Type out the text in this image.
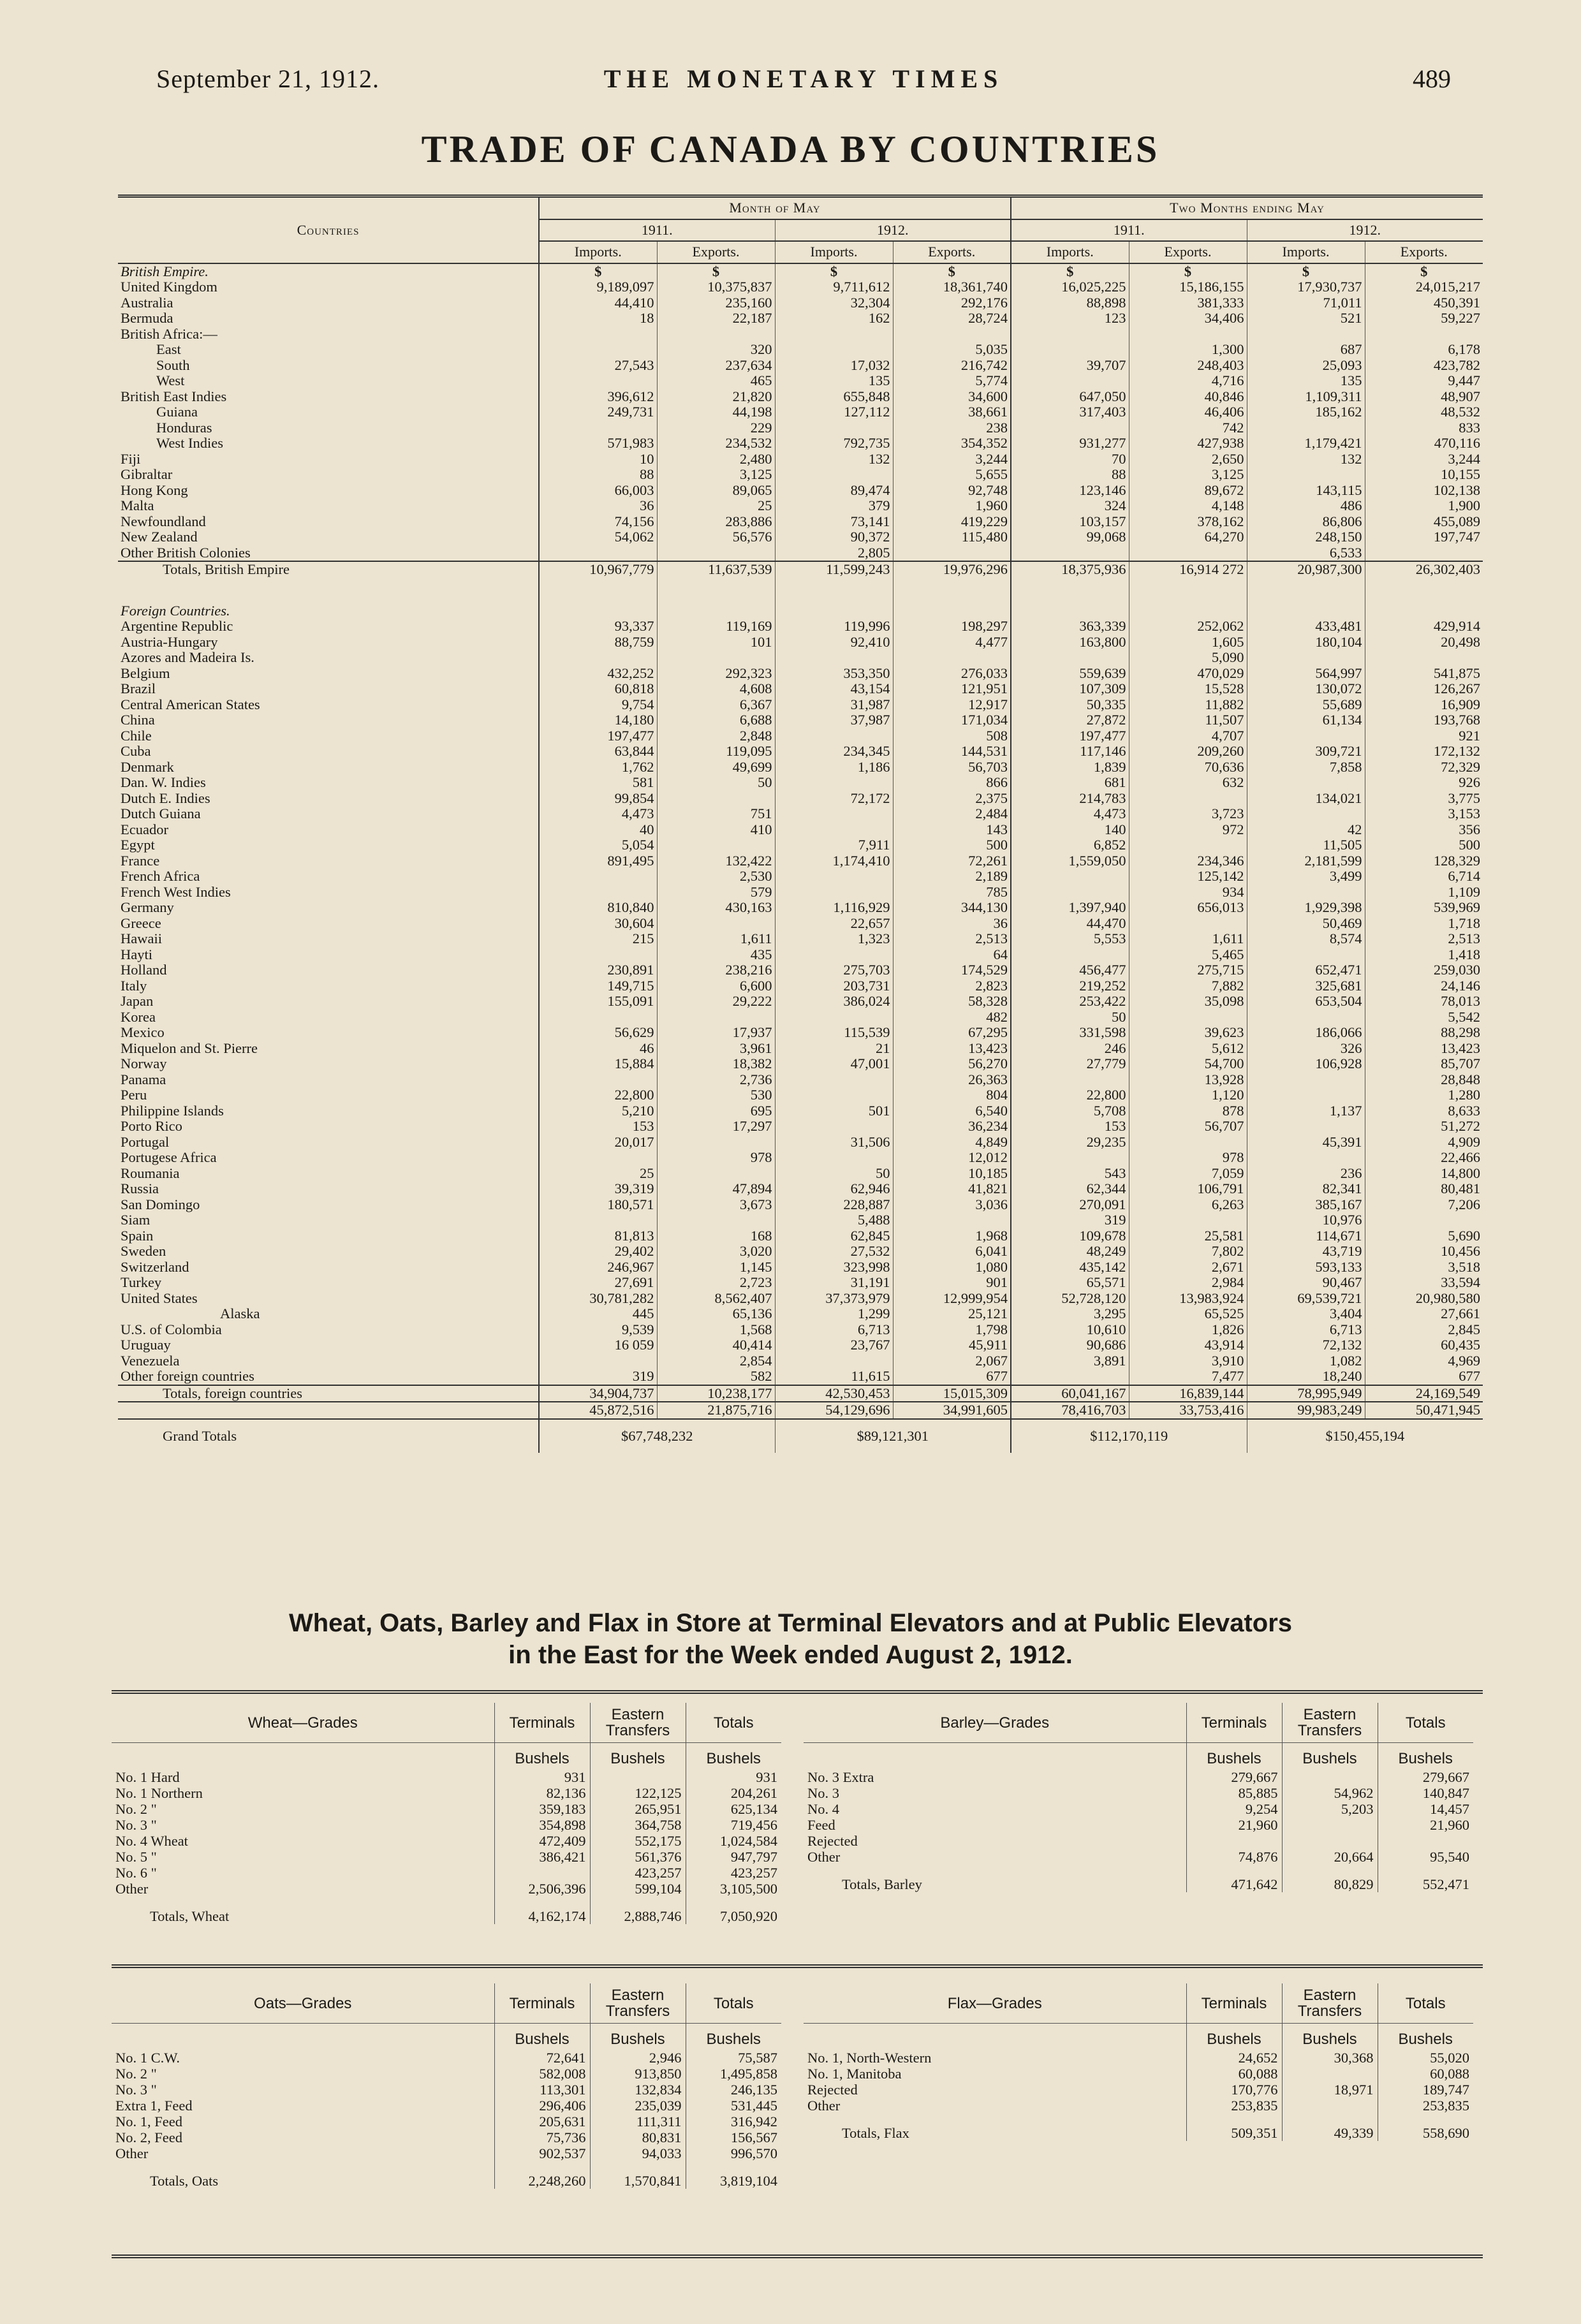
September 21, 1912.	THE MONETARY TIMES	489
TRADE OF CANADA BY COUNTRIES
Countries	Month of May				Two Months ending May			
	1911.		1912.		1911.		1912.	
	Imports.	Exports.	Imports.	Exports.	Imports.	Exports.	Imports.	Exports.
British Empire.	$	$	$	$	$	$	$	$
United Kingdom	9,189,097	10,375,837	9,711,612	18,361,740	16,025,225	15,186,155	17,930,737	24,015,217
Australia	44,410	235,160	32,304	292,176	88,898	381,333	71,011	450,391
Bermuda	18	22,187	162	28,724	123	34,406	521	59,227
British Africa:—								
East		320		5,035		1,300	687	6,178
South	27,543	237,634	17,032	216,742	39,707	248,403	25,093	423,782
West		465	135	5,774		4,716	135	9,447
British East Indies	396,612	21,820	655,848	34,600	647,050	40,846	1,109,311	48,907
Guiana	249,731	44,198	127,112	38,661	317,403	46,406	185,162	48,532
Honduras		229		238		742		833
West Indies	571,983	234,532	792,735	354,352	931,277	427,938	1,179,421	470,116
Fiji	10	2,480	132	3,244	70	2,650	132	3,244
Gibraltar	88	3,125		5,655	88	3,125		10,155
Hong Kong	66,003	89,065	89,474	92,748	123,146	89,672	143,115	102,138
Malta	36	25	379	1,960	324	4,148	486	1,900
Newfoundland	74,156	283,886	73,141	419,229	103,157	378,162	86,806	455,089
New Zealand	54,062	56,576	90,372	115,480	99,068	64,270	248,150	197,747
Other British Colonies			2,805				6,533	
Totals, British Empire	10,967,779	11,637,539	11,599,243	19,976,296	18,375,936	16,914 272	20,987,300	26,302,403
Foreign Countries.								
Argentine Republic	93,337	119,169	119,996	198,297	363,339	252,062	433,481	429,914
Austria-Hungary	88,759	101	92,410	4,477	163,800	1,605	180,104	20,498
Azores and Madeira Is.						5,090		
Belgium	432,252	292,323	353,350	276,033	559,639	470,029	564,997	541,875
Brazil	60,818	4,608	43,154	121,951	107,309	15,528	130,072	126,267
Central American States	9,754	6,367	31,987	12,917	50,335	11,882	55,689	16,909
China	14,180	6,688	37,987	171,034	27,872	11,507	61,134	193,768
Chile	197,477	2,848		508	197,477	4,707		921
Cuba	63,844	119,095	234,345	144,531	117,146	209,260	309,721	172,132
Denmark	1,762	49,699	1,186	56,703	1,839	70,636	7,858	72,329
Dan. W. Indies	581	50		866	681	632		926
Dutch E. Indies	99,854		72,172	2,375	214,783		134,021	3,775
Dutch Guiana	4,473	751		2,484	4,473	3,723		3,153
Ecuador	40	410		143	140	972	42	356
Egypt	5,054		7,911	500	6,852		11,505	500
France	891,495	132,422	1,174,410	72,261	1,559,050	234,346	2,181,599	128,329
French Africa		2,530		2,189		125,142	3,499	6,714
French West Indies		579		785		934		1,109
Germany	810,840	430,163	1,116,929	344,130	1,397,940	656,013	1,929,398	539,969
Greece	30,604		22,657	36	44,470		50,469	1,718
Hawaii	215	1,611	1,323	2,513	5,553	1,611	8,574	2,513
Hayti		435		64		5,465		1,418
Holland	230,891	238,216	275,703	174,529	456,477	275,715	652,471	259,030
Italy	149,715	6,600	203,731	2,823	219,252	7,882	325,681	24,146
Japan	155,091	29,222	386,024	58,328	253,422	35,098	653,504	78,013
Korea				482	50			5,542
Mexico	56,629	17,937	115,539	67,295	331,598	39,623	186,066	88,298
Miquelon and St. Pierre	46	3,961	21	13,423	246	5,612	326	13,423
Norway	15,884	18,382	47,001	56,270	27,779	54,700	106,928	85,707
Panama		2,736		26,363		13,928		28,848
Peru	22,800	530		804	22,800	1,120		1,280
Philippine Islands	5,210	695	501	6,540	5,708	878	1,137	8,633
Porto Rico	153	17,297		36,234	153	56,707		51,272
Portugal	20,017		31,506	4,849	29,235		45,391	4,909
Portugese Africa		978		12,012		978		22,466
Roumania	25		50	10,185	543	7,059	236	14,800
Russia	39,319	47,894	62,946	41,821	62,344	106,791	82,341	80,481
San Domingo	180,571	3,673	228,887	3,036	270,091	6,263	385,167	7,206
Siam			5,488		319		10,976	
Spain	81,813	168	62,845	1,968	109,678	25,581	114,671	5,690
Sweden	29,402	3,020	27,532	6,041	48,249	7,802	43,719	10,456
Switzerland	246,967	1,145	323,998	1,080	435,142	2,671	593,133	3,518
Turkey	27,691	2,723	31,191	901	65,571	2,984	90,467	33,594
United States	30,781,282	8,562,407	37,373,979	12,999,954	52,728,120	13,983,924	69,539,721	20,980,580
Alaska	445	65,136	1,299	25,121	3,295	65,525	3,404	27,661
U.S. of Colombia	9,539	1,568	6,713	1,798	10,610	1,826	6,713	2,845
Uruguay	16 059	40,414	23,767	45,911	90,686	43,914	72,132	60,435
Venezuela		2,854		2,067	3,891	3,910	1,082	4,969
Other foreign countries	319	582	11,615	677		7,477	18,240	677
Totals, foreign countries	34,904,737	10,238,177	42,530,453	15,015,309	60,041,167	16,839,144	78,995,949	24,169,549
	45,872,516	21,875,716	54,129,696	34,991,605	78,416,703	33,753,416	99,983,249	50,471,945
Grand Totals	$67,748,232		$89,121,301		$112,170,119		$150,455,194	
Wheat, Oats, Barley and Flax in Store at Terminal Elevators and at Public Elevators
in the East for the Week ended August 2, 1912.
Wheat—Grades	Terminals	Eastern Transfers	Totals
	Bushels	Bushels	Bushels
No. 1 Hard	931		931
No. 1 Northern	82,136	122,125	204,261
No. 2 "	359,183	265,951	625,134
No. 3 "	354,898	364,758	719,456
No. 4 Wheat	472,409	552,175	1,024,584
No. 5 "	386,421	561,376	947,797
No. 6 "		423,257	423,257
Other	2,506,396	599,104	3,105,500
Totals, Wheat	4,162,174	2,888,746	7,050,920
Barley—Grades	Terminals	Eastern Transfers	Totals
	Bushels	Bushels	Bushels
No. 3 Extra	279,667		279,667
No. 3	85,885	54,962	140,847
No. 4	9,254	5,203	14,457
Feed	21,960		21,960
Rejected			
Other	74,876	20,664	95,540
Totals, Barley	471,642	80,829	552,471
Oats—Grades	Terminals	Eastern Transfers	Totals
	Bushels	Bushels	Bushels
No. 1 C.W.	72,641	2,946	75,587
No. 2 "	582,008	913,850	1,495,858
No. 3 "	113,301	132,834	246,135
Extra 1, Feed	296,406	235,039	531,445
No. 1, Feed	205,631	111,311	316,942
No. 2, Feed	75,736	80,831	156,567
Other	902,537	94,033	996,570
Totals, Oats	2,248,260	1,570,841	3,819,104
Flax—Grades	Terminals	Eastern Transfers	Totals
	Bushels	Bushels	Bushels
No. 1, North-Western	24,652	30,368	55,020
No. 1, Manitoba	60,088		60,088
Rejected	170,776	18,971	189,747
Other	253,835		253,835
Totals, Flax	509,351	49,339	558,690
